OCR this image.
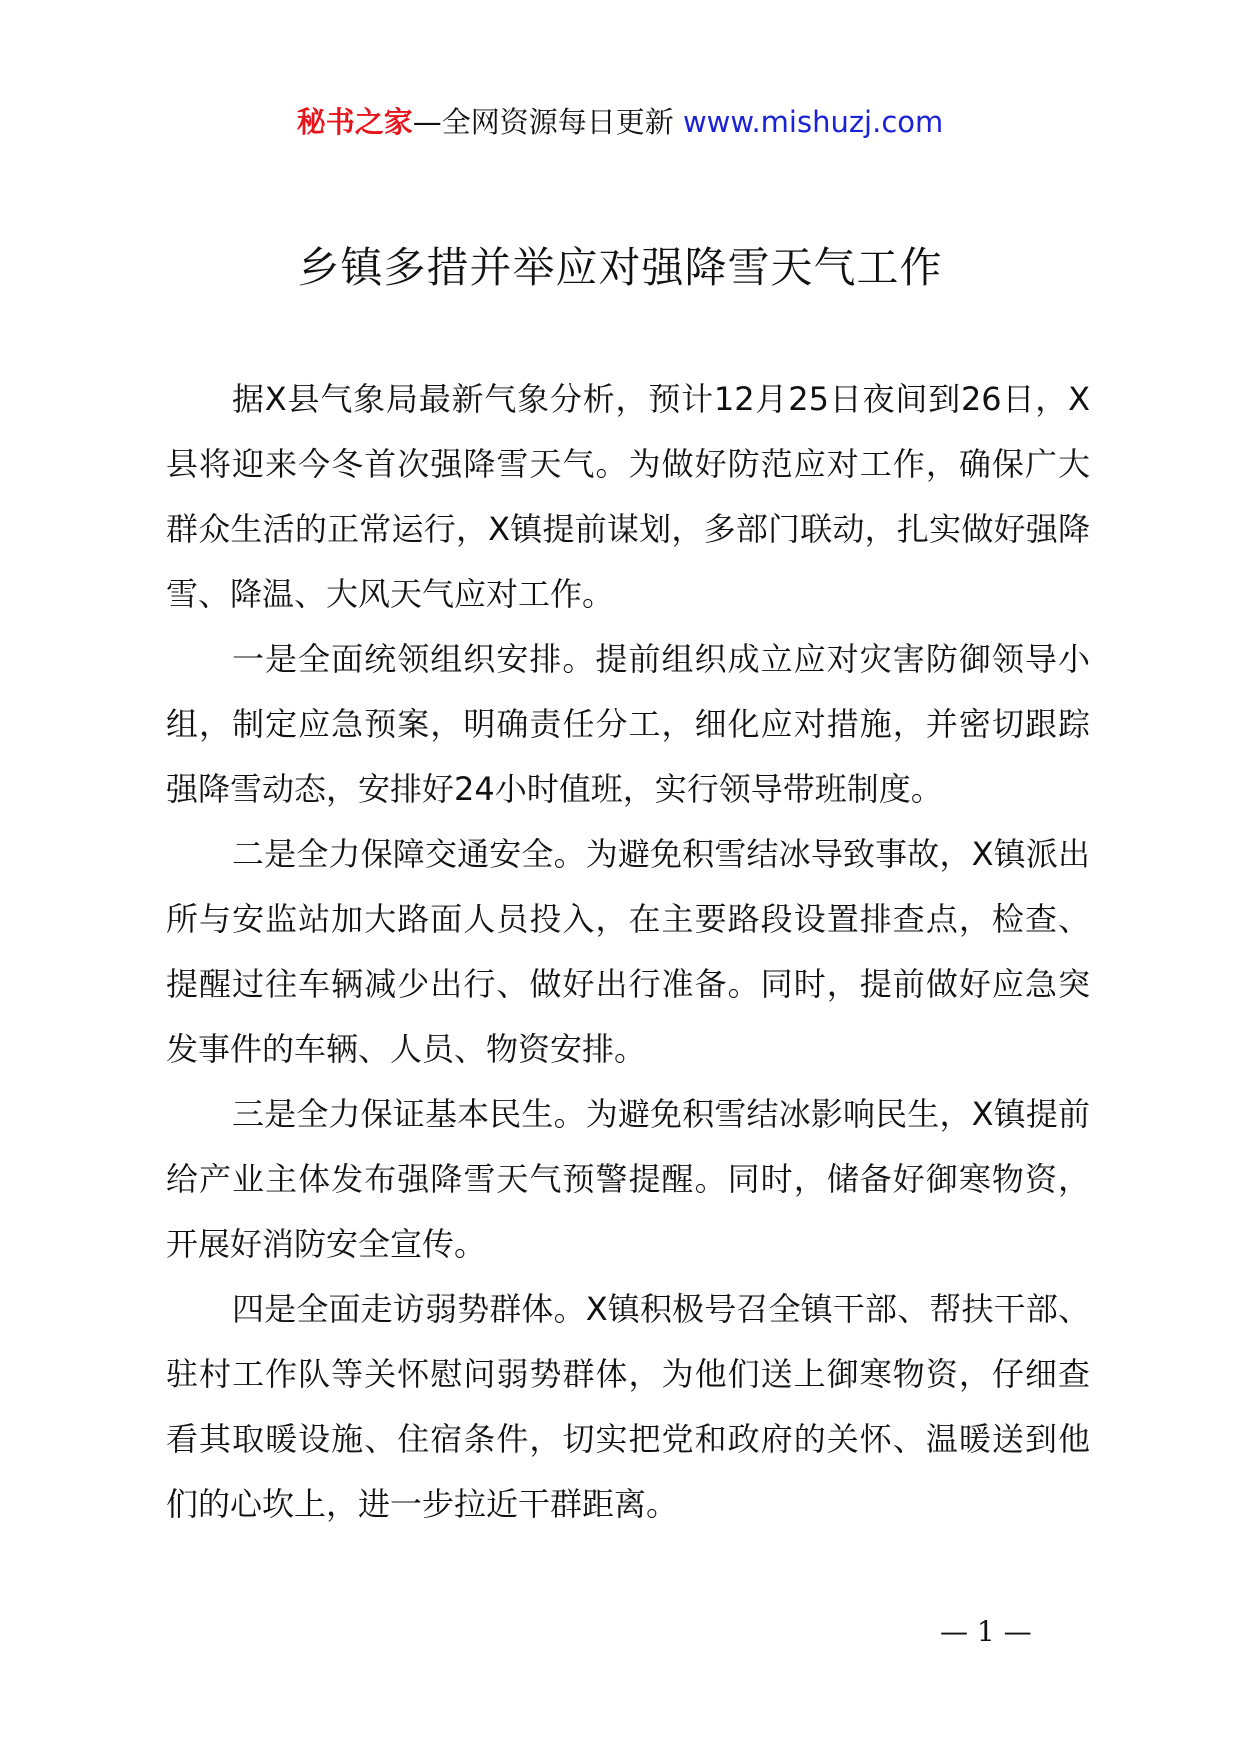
秘书之家—全网资源每日更新 www.mishuzj.com
乡镇多措并举应对强降雪天气工作

据X县气象局最新气象分析，预计12月25日夜间到26日，X县将迎来今冬首次强降雪天气。为做好防范应对工作，确保广大群众生活的正常运行，X镇提前谋划，多部门联动，扎实做好强降雪、降温、大风天气应对工作。

一是全面统领组织安排。提前组织成立应对灾害防御领导小组，制定应急预案，明确责任分工，细化应对措施，并密切跟踪强降雪动态，安排好24小时值班，实行领导带班制度。

二是全力保障交通安全。为避免积雪结冰导致事故，X镇派出所与安监站加大路面人员投入，在主要路段设置排查点，检查、提醒过往车辆减少出行、做好出行准备。同时，提前做好应急突发事件的车辆、人员、物资安排。

三是全力保证基本民生。为避免积雪结冰影响民生，X镇提前给产业主体发布强降雪天气预警提醒。同时，储备好御寒物资，开展好消防安全宣传。

四是全面走访弱势群体。X镇积极号召全镇干部、帮扶干部、驻村工作队等关怀慰问弱势群体，为他们送上御寒物资，仔细查看其取暖设施、住宿条件，切实把党和政府的关怀、温暖送到他们的心坎上，进一步拉近干群距离。

— 1 —
